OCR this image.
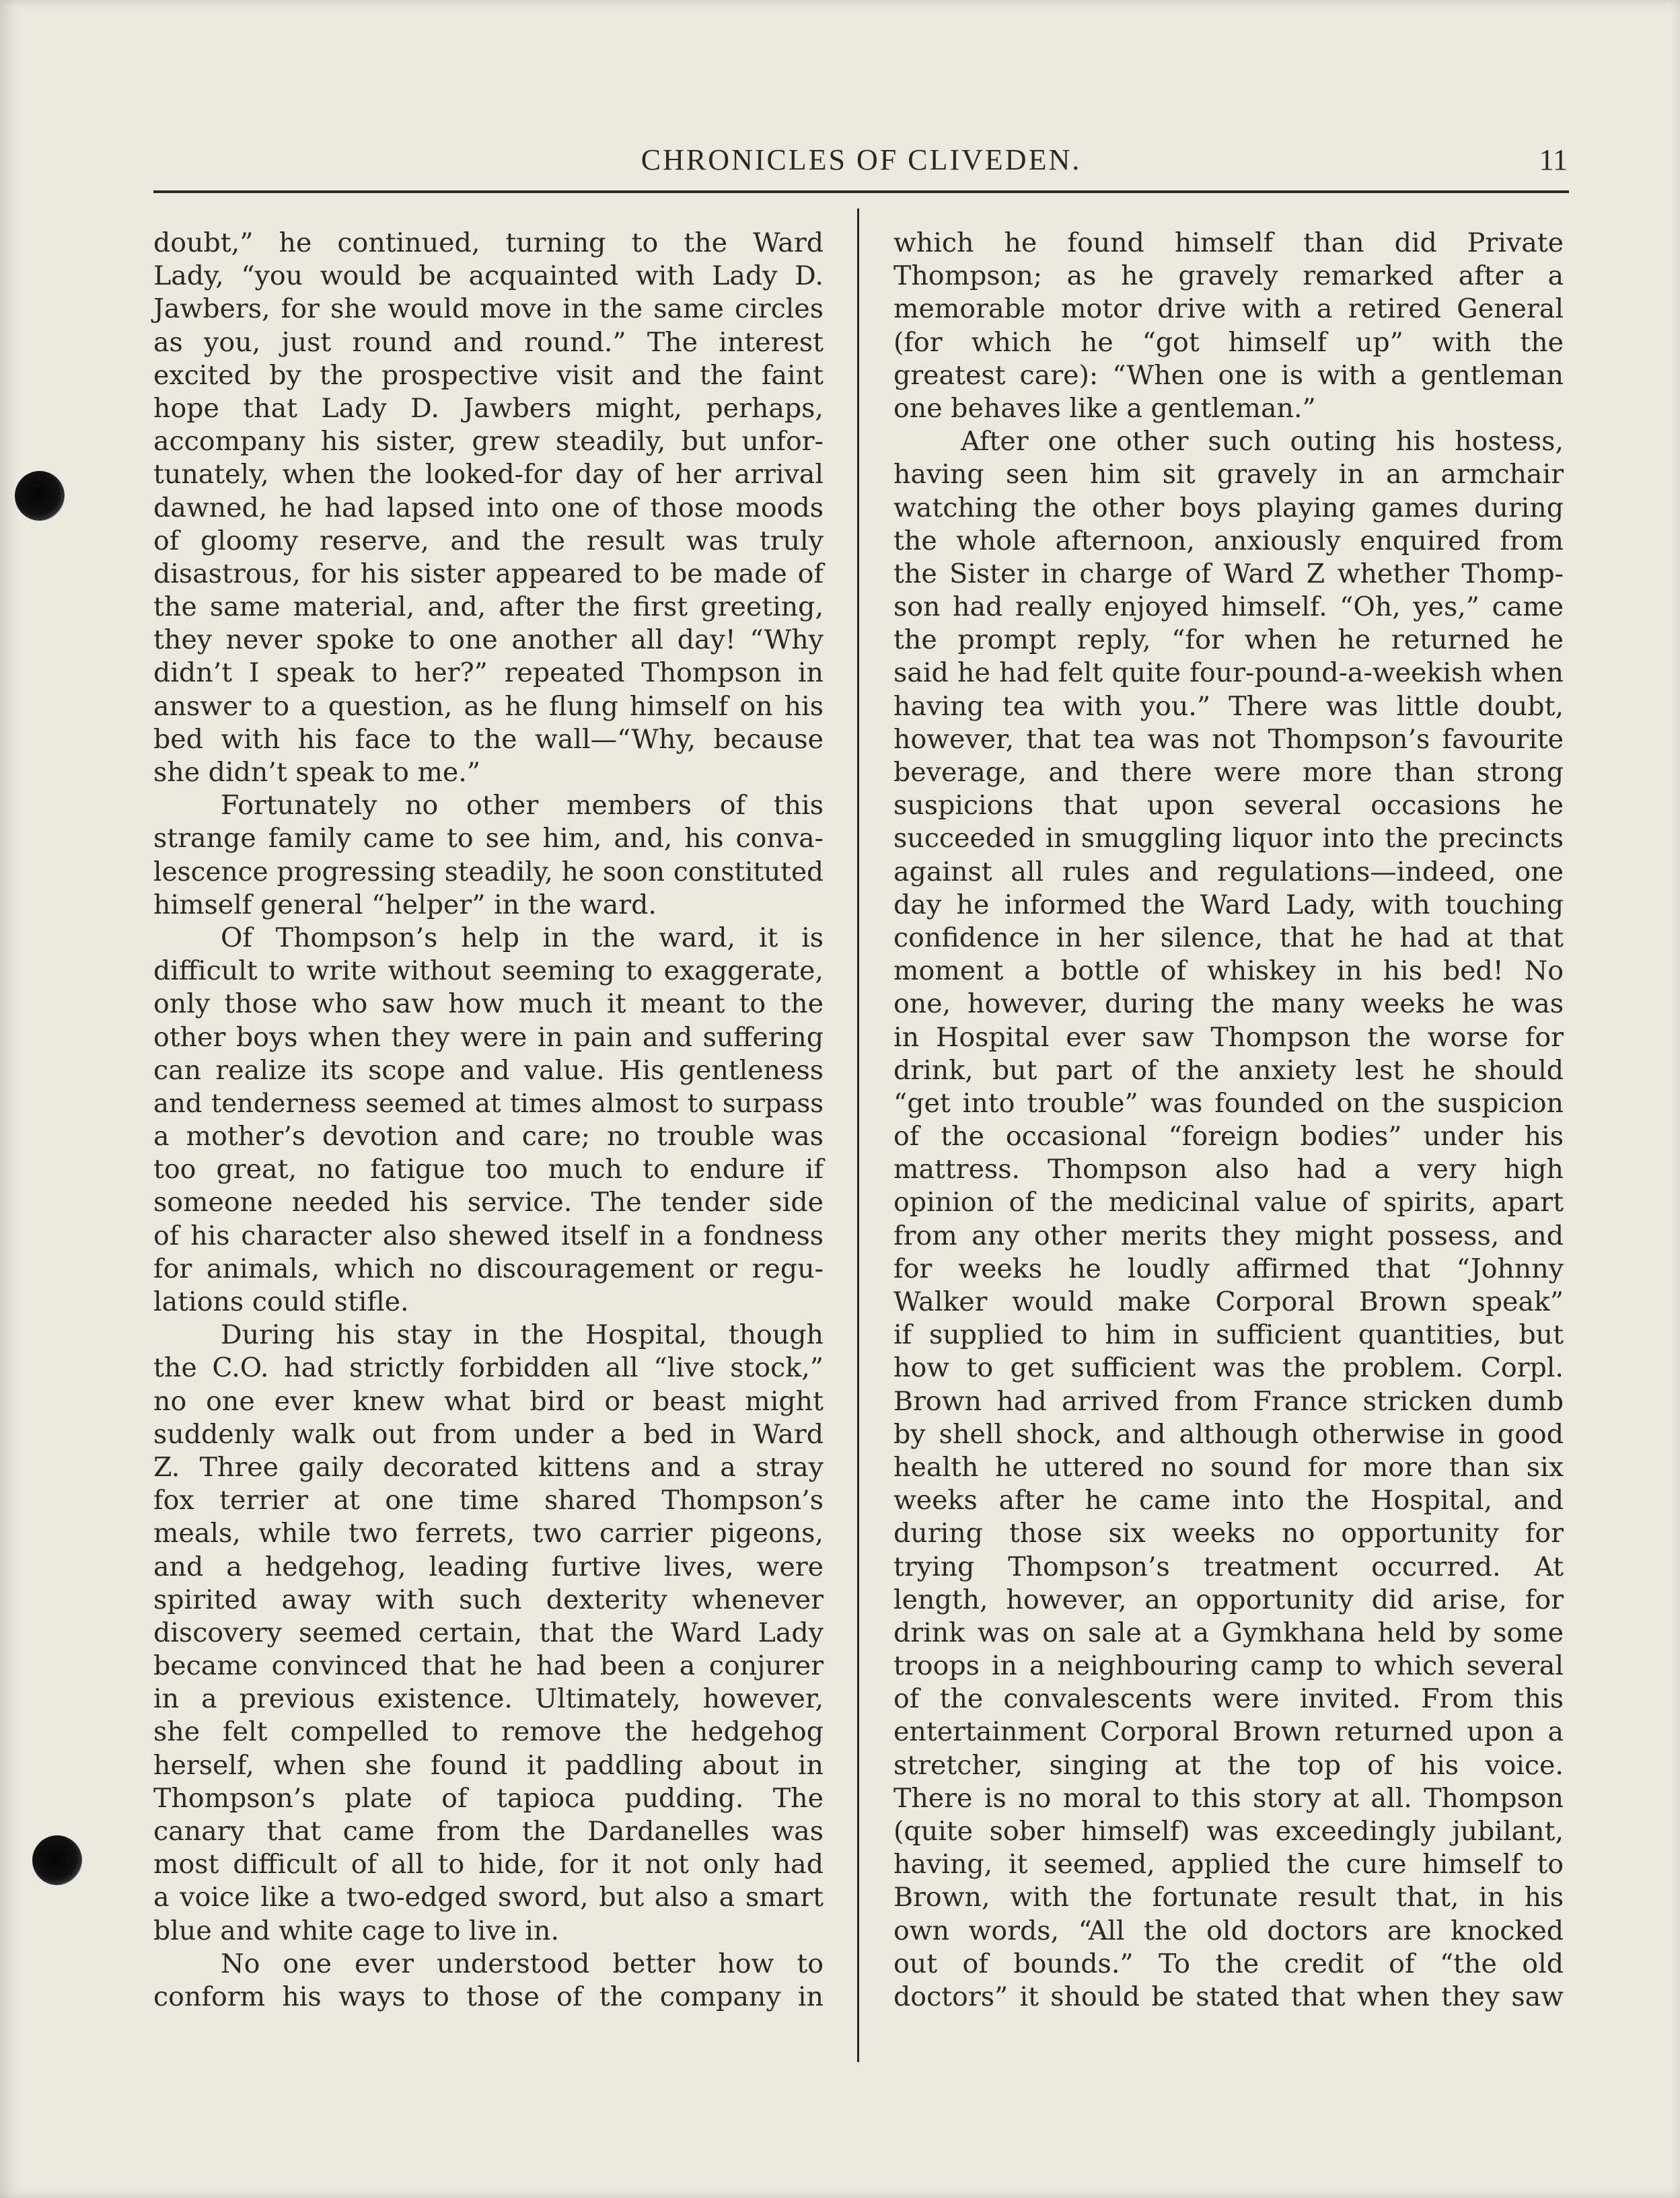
CHRONICLES OF CLIVEDEN.	11
doubt,” he continued, turning to the Ward
Lady, “you would be acquainted with Lady D.
Jawbers, for she would move in the same circles
as you, just round and round.” The interest
excited by the prospective visit and the faint
hope that Lady D. Jawbers might, perhaps,
accompany his sister, grew steadily, but unfor-
tunately, when the looked-for day of her arrival
dawned, he had lapsed into one of those moods
of gloomy reserve, and the result was truly
disastrous, for his sister appeared to be made of
the same material, and, after the first greeting,
they never spoke to one another all day! “Why
didn’t I speak to her?” repeated Thompson in
answer to a question, as he flung himself on his
bed with his face to the wall—“Why, because
she didn’t speak to me.”
Fortunately no other members of this
strange family came to see him, and, his conva-
lescence progressing steadily, he soon constituted
himself general “helper” in the ward.
Of Thompson’s help in the ward, it is
difficult to write without seeming to exaggerate,
only those who saw how much it meant to the
other boys when they were in pain and suffering
can realize its scope and value. His gentleness
and tenderness seemed at times almost to surpass
a mother’s devotion and care; no trouble was
too great, no fatigue too much to endure if
someone needed his service. The tender side
of his character also shewed itself in a fondness
for animals, which no discouragement or regu-
lations could stifle.
During his stay in the Hospital, though
the C.O. had strictly forbidden all “live stock,”
no one ever knew what bird or beast might
suddenly walk out from under a bed in Ward
Z. Three gaily decorated kittens and a stray
fox terrier at one time shared Thompson’s
meals, while two ferrets, two carrier pigeons,
and a hedgehog, leading furtive lives, were
spirited away with such dexterity whenever
discovery seemed certain, that the Ward Lady
became convinced that he had been a conjurer
in a previous existence. Ultimately, however,
she felt compelled to remove the hedgehog
herself, when she found it paddling about in
Thompson’s plate of tapioca pudding. The
canary that came from the Dardanelles was
most difficult of all to hide, for it not only had
a voice like a two-edged sword, but also a smart
blue and white cage to live in.
No one ever understood better how to
conform his ways to those of the company in
which he found himself than did Private
Thompson; as he gravely remarked after a
memorable motor drive with a retired General
(for which he “got himself up” with the
greatest care): “When one is with a gentleman
one behaves like a gentleman.”
After one other such outing his hostess,
having seen him sit gravely in an armchair
watching the other boys playing games during
the whole afternoon, anxiously enquired from
the Sister in charge of Ward Z whether Thomp-
son had really enjoyed himself. “Oh, yes,” came
the prompt reply, “for when he returned he
said he had felt quite four-pound-a-weekish when
having tea with you.” There was little doubt,
however, that tea was not Thompson’s favourite
beverage, and there were more than strong
suspicions that upon several occasions he
succeeded in smuggling liquor into the precincts
against all rules and regulations—indeed, one
day he informed the Ward Lady, with touching
confidence in her silence, that he had at that
moment a bottle of whiskey in his bed! No
one, however, during the many weeks he was
in Hospital ever saw Thompson the worse for
drink, but part of the anxiety lest he should
“get into trouble” was founded on the suspicion
of the occasional “foreign bodies” under his
mattress. Thompson also had a very high
opinion of the medicinal value of spirits, apart
from any other merits they might possess, and
for weeks he loudly affirmed that “Johnny
Walker would make Corporal Brown speak”
if supplied to him in sufficient quantities, but
how to get sufficient was the problem. Corpl.
Brown had arrived from France stricken dumb
by shell shock, and although otherwise in good
health he uttered no sound for more than six
weeks after he came into the Hospital, and
during those six weeks no opportunity for
trying Thompson’s treatment occurred. At
length, however, an opportunity did arise, for
drink was on sale at a Gymkhana held by some
troops in a neighbouring camp to which several
of the convalescents were invited. From this
entertainment Corporal Brown returned upon a
stretcher, singing at the top of his voice.
There is no moral to this story at all. Thompson
(quite sober himself) was exceedingly jubilant,
having, it seemed, applied the cure himself to
Brown, with the fortunate result that, in his
own words, “All the old doctors are knocked
out of bounds.” To the credit of “the old
doctors” it should be stated that when they saw
